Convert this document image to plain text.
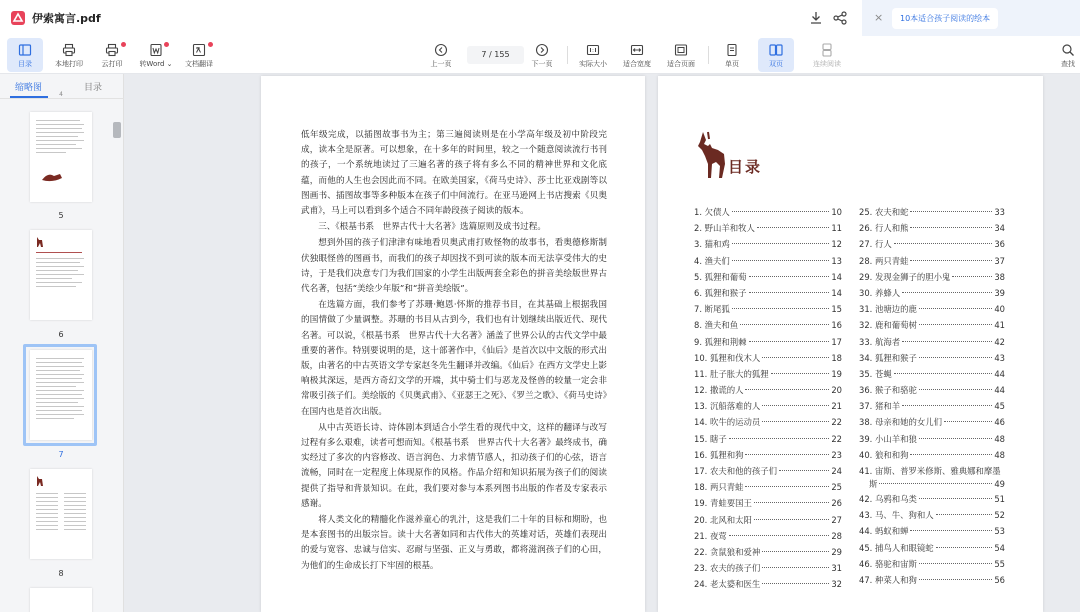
伊索寓言.pdf	×	10本适合孩子阅读的绘本
目录	本地打印	云打印	转Word ⌄	文档翻译	上一页	下一页	实际大小	适合宽度	适合页面	单页	双页	连续阅读	查找
7 / 155
缩略图	目录
4
5
6
7
8

低年级完成，以插图故事书为主；第三遍阅读则是在小学高年级及初中阶段完成，读本全是原著。可以想象，在十多年的时间里，较之一个随意阅读流行书刊的孩子，一个系统地读过了三遍名著的孩子将有多么不同的精神世界和文化底蕴，而他的人生也会因此而不同。在欧美国家，《荷马史诗》、莎士比亚戏剧等以图画书、插图故事等多种版本在孩子们中间流行。在亚马逊网上书店搜索《贝奥武甫》，马上可以看到多个适合不同年龄段孩子阅读的版本。

三、《根基书系　世界古代十大名著》选篇原则及成书过程。

想到外国的孩子们津津有味地看贝奥武甫打败怪物的故事书，看奥德修斯制伏独眼怪兽的图画书，而我们的孩子却因找不到可读的版本而无法享受伟大的史诗，于是我们决意专门为我们国家的小学生出版两套全彩色的拼音美绘版世界古代名著，包括“美绘少年版”和“拼音美绘版”。

在选篇方面，我们参考了苏珊·鲍恩·怀斯的推荐书目，在其基础上根据我国的国情做了少量调整。苏珊的书目从古到今，我们也有计划继续出版近代、现代名著。可以说，《根基书系　世界古代十大名著》涵盖了世界公认的古代文学中最重要的著作。特别要说明的是，这十部著作中，《仙后》是首次以中文版的形式出版，由著名的中古英语文学专家赵冬先生翻译并改编。《仙后》在西方文学史上影响极其深远，是西方奇幻文学的开端，其中骑士们与恶龙及怪兽的较量一定会非常吸引孩子们。美绘版的《贝奥武甫》、《亚瑟王之死》、《罗兰之歌》、《荷马史诗》在国内也是首次出版。

从中古英语长诗、诗体剧本到适合小学生看的现代中文，这样的翻译与改写过程有多么艰难，读者可想而知。《根基书系　世界古代十大名著》最终成书，确实经过了多次的内容修改、语言润色、力求情节感人，扣动孩子们的心弦，语言流畅，同时在一定程度上体现原作的风格。作品介绍和知识拓展为孩子们的阅读提供了指导和背景知识。在此，我们要对参与本系列图书出版的作者及专家表示感谢。

将人类文化的精髓化作滋养童心的乳汁，这是我们二十年的目标和期盼，也是本套图书的出版宗旨。读十大名著如同和古代伟大的英雄对话，英雄们表现出的爱与宽容、忠诚与信实、忍耐与坚强、正义与勇敢，都将滋润孩子们的心田，为他们的生命成长打下牢固的根基。

目录
1. 欠债人	10
2. 野山羊和牧人	11
3. 猫和鸡	12
4. 渔夫们	13
5. 狐狸和葡萄	14
6. 狐狸和猴子	14
7. 断尾狐	15
8. 渔夫和鱼	16
9. 狐狸和荆棘	17
10. 狐狸和伐木人	18
11. 肚子胀大的狐狸	19
12. 撒谎的人	20
13. 沉船落难的人	21
14. 吹牛的运动员	22
15. 瞎子	22
16. 狐狸和狗	23
17. 农夫和他的孩子们	24
18. 两只青蛙	25
19. 青蛙要国王	26
20. 北风和太阳	27
21. 夜莺	28
22. 贪鼠狼和爱神	29
23. 农夫的孩子们	31
24. 老太婆和医生	32
25. 农夫和蛇	33
26. 行人和熊	34
27. 行人	36
28. 两只青蛙	37
29. 发现金狮子的胆小鬼	38
30. 养蜂人	39
31. 池塘边的鹿	40
32. 鹿和葡萄树	41
33. 航海者	42
34. 狐狸和猴子	43
35. 苍蝇	44
36. 猴子和骆驼	44
37. 猪和羊	45
38. 母亲和她的女儿们	46
39. 小山羊和狼	48
40. 狼和和狗	48
41. 宙斯、普罗米修斯、雅典娜和摩墨
斯	49
42. 乌鸦和乌类	51
43. 马、牛、狗和人	52
44. 蚂蚁和蝉	53
45. 捕鸟人和眼镜蛇	54
46. 骆驼和宙斯	55
47. 种菜人和狗	56
